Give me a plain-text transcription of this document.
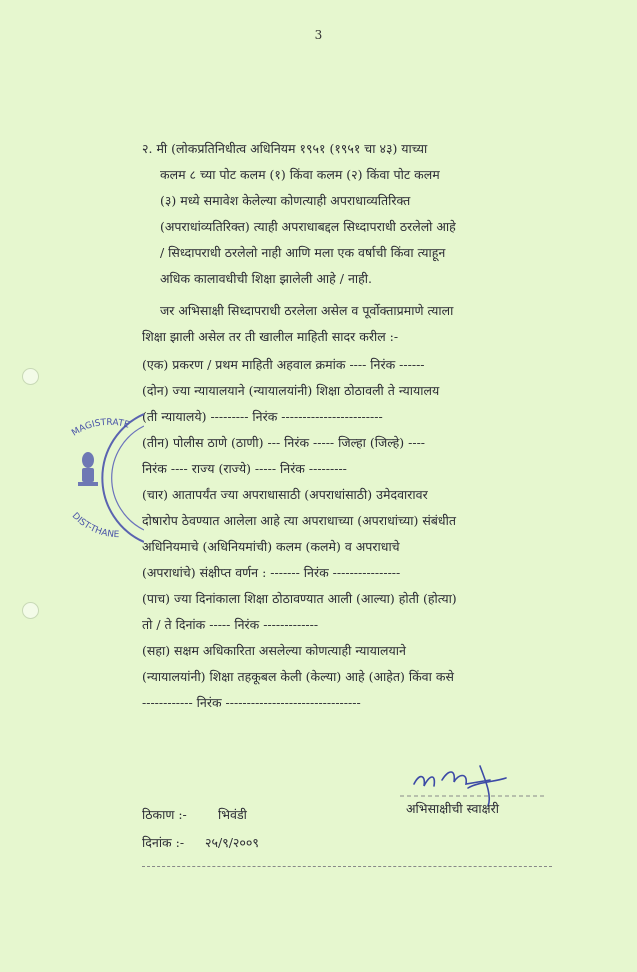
3
२. मी (लोकप्रतिनिधीत्व अधिनियम १९५१ (१९५१ चा ४३) याच्या
कलम ८ च्या पोट कलम (१) किंवा कलम (२) किंवा पोट कलम
(३) मध्ये समावेश केलेल्या कोणत्याही अपराधाव्यतिरिक्त
(अपराधांव्यतिरिक्त) त्याही अपराधाबद्दल सिध्दापराधी ठरलेलो आहे
/ सिध्दापराधी ठरलेलो नाही आणि मला एक वर्षाची किंवा त्याहून
अधिक कालावधीची शिक्षा झालेली आहे / नाही.
जर अभिसाक्षी सिध्दापराधी ठरलेला असेल व पूर्वोक्ताप्रमाणे त्याला
शिक्षा झाली असेल तर ती खालील माहिती सादर करील :-
(एक) प्रकरण / प्रथम माहिती अहवाल क्रमांक ---- निरंक ------
(दोन) ज्या न्यायालयाने (न्यायालयांनी) शिक्षा ठोठावली ते न्यायालय
(ती न्यायालये) --------- निरंक ------------------------
(तीन) पोलीस ठाणे (ठाणी) --- निरंक ----- जिल्हा (जिल्हे) ----
निरंक ---- राज्य (राज्ये) ----- निरंक ---------
(चार) आतापर्यंत ज्या अपराधासाठी (अपराधांसाठी) उमेदवारावर
दोषारोप ठेवण्यात आलेला आहे त्या अपराधाच्या (अपराधांच्या) संबंधीत
अधिनियमाचे (अधिनियमांची) कलम (कलमे) व अपराधाचे
(अपराधांचे) संक्षीप्त वर्णन : ------- निरंक ----------------
(पाच) ज्या दिनांकाला शिक्षा ठोठावण्यात आली (आल्या) होती (होत्या)
तो / ते दिनांक ----- निरंक -------------
(सहा) सक्षम अधिकारिता असलेल्या कोणत्याही न्यायालयाने
(न्यायालयांनी) शिक्षा तहकूबल केली (केल्या) आहे (आहेत) किंवा कसे
------------ निरंक --------------------------------
MAGISTRATE
DIST-THANE
ठिकाण :- भिवंडी
दिनांक :- २५/९/२००९
अभिसाक्षीची स्वाक्षरी
